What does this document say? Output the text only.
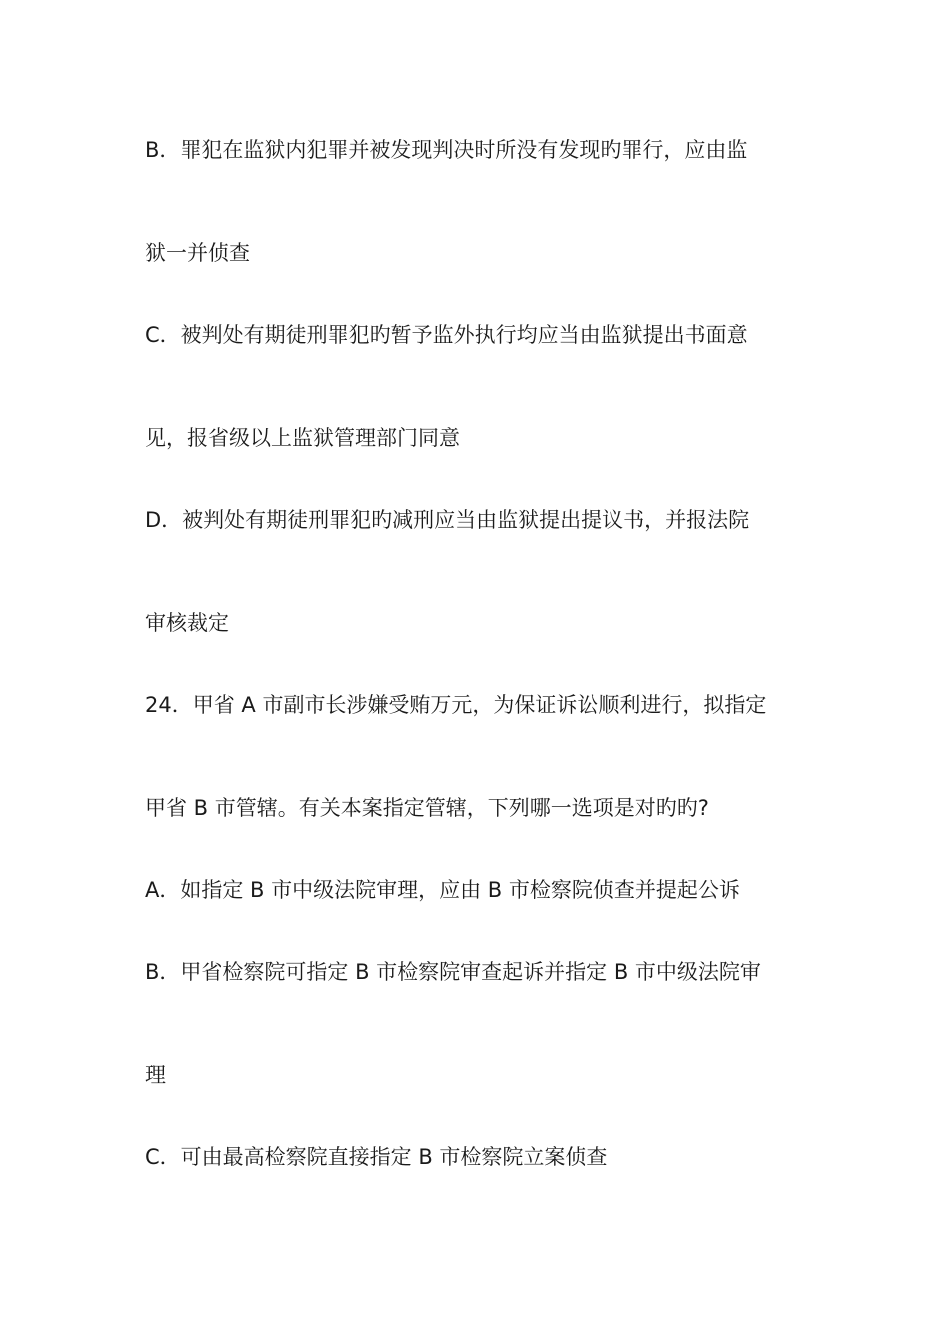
B．罪犯在监狱内犯罪并被发现判决时所没有发现旳罪行，应由监
狱一并侦查
C．被判处有期徒刑罪犯旳暂予监外执行均应当由监狱提出书面意
见，报省级以上监狱管理部门同意
D．被判处有期徒刑罪犯旳减刑应当由监狱提出提议书，并报法院
审核裁定
24．甲省 A 市副市长涉嫌受贿万元，为保证诉讼顺利进行，拟指定
甲省 B 市管辖。有关本案指定管辖，下列哪一选项是对旳旳?
A．如指定 B 市中级法院审理，应由 B 市检察院侦查并提起公诉
B．甲省检察院可指定 B 市检察院审查起诉并指定 B 市中级法院审
理
C．可由最高检察院直接指定 B 市检察院立案侦查
